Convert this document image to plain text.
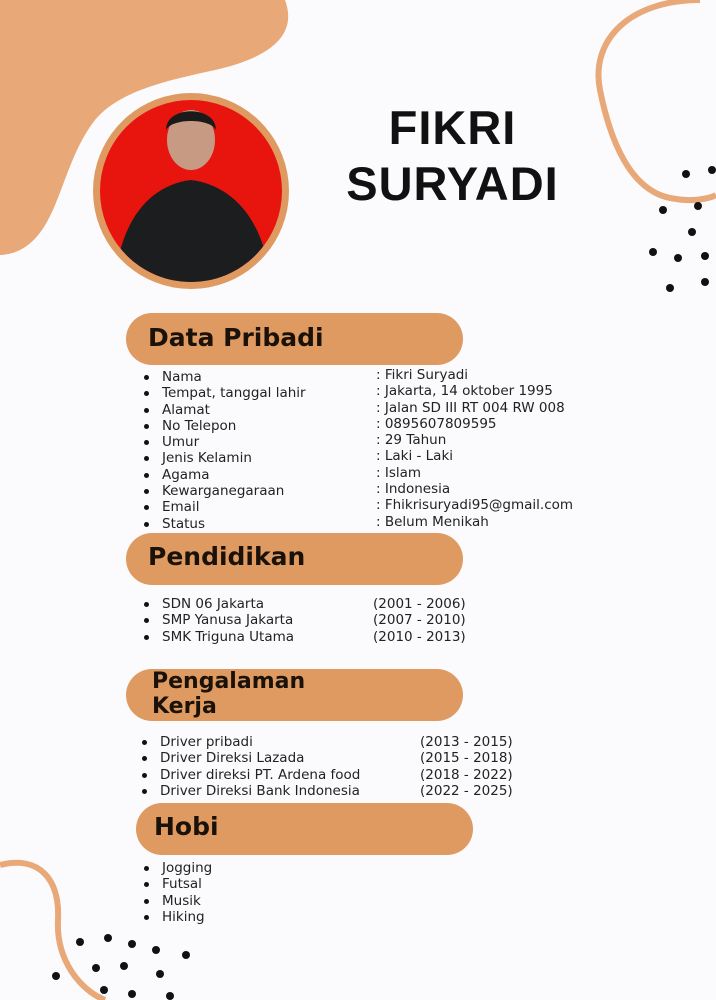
FIKRI
SURYADI
Data Pribadi
Nama
Tempat, tanggal lahir
Alamat
No Telepon
Umur
Jenis Kelamin
Agama
Kewarganegaraan
Email
Status
: Fikri Suryadi
: Jakarta, 14 oktober 1995
: Jalan SD III RT 004 RW 008
: 0895607809595
: 29 Tahun
: Laki - Laki
: Islam
: Indonesia
: Fhikrisuryadi95@gmail.com
: Belum Menikah
Pendidikan
SDN 06 Jakarta
SMP Yanusa Jakarta
SMK Triguna Utama
(2001 - 2006)
(2007 - 2010)
(2010 - 2013)
Pengalaman
Kerja
Driver pribadi
Driver Direksi Lazada
Driver direksi PT. Ardena food
Driver Direksi Bank Indonesia
(2013 - 2015)
(2015 - 2018)
(2018 - 2022)
(2022 - 2025)
Hobi
Jogging
Futsal
Musik
Hiking
